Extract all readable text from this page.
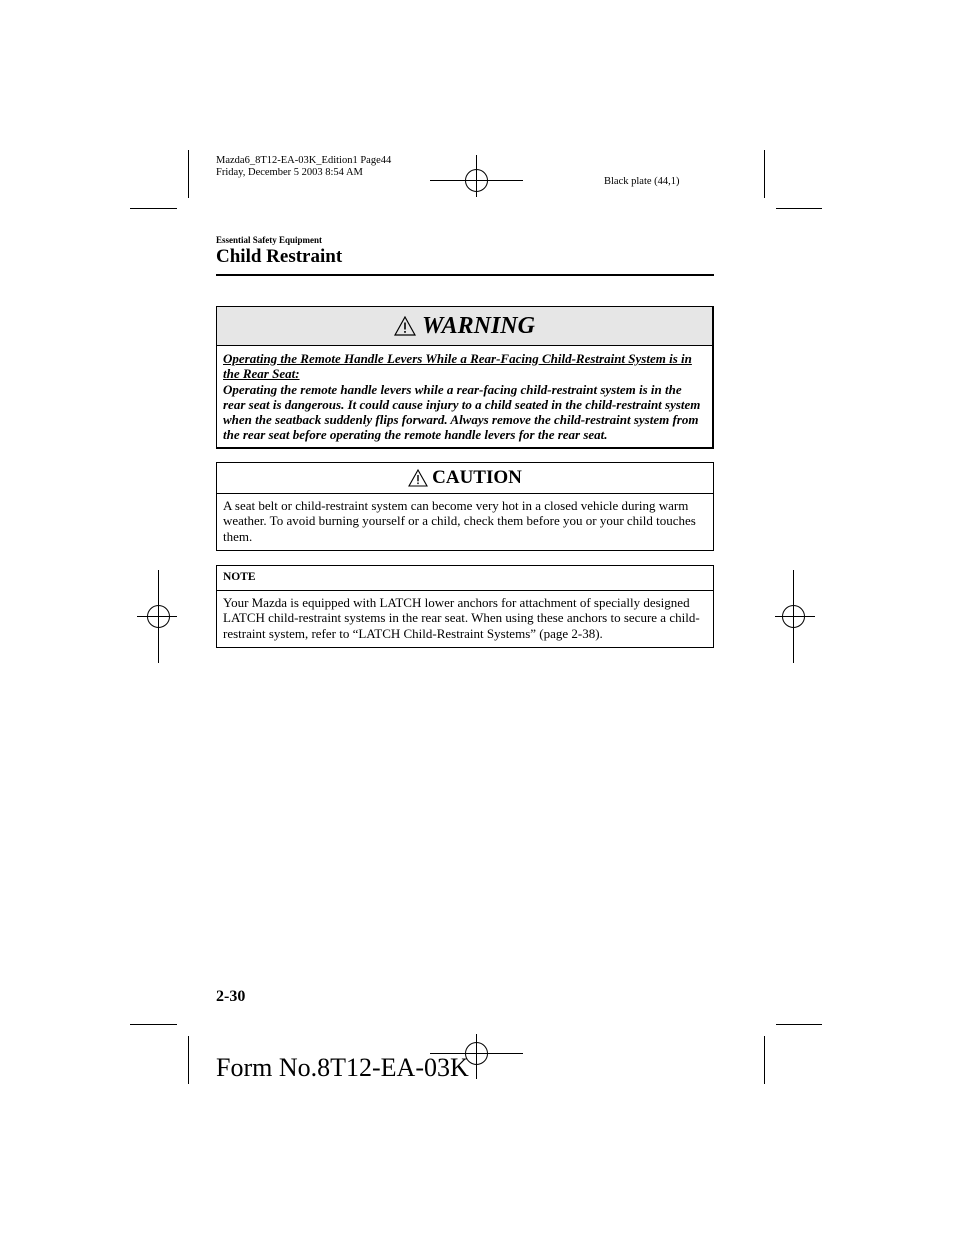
Mazda6_8T12-EA-03K_Edition1 Page44
Friday, December 5 2003 8:54 AM
Black plate (44,1)
Essential Safety Equipment
Child Restraint
WARNING
Operating the Remote Handle Levers While a Rear-Facing Child-Restraint System is in the Rear Seat:
Operating the remote handle levers while a rear-facing child-restraint system is in the rear seat is dangerous. It could cause injury to a child seated in the child-restraint system when the seatback suddenly flips forward. Always remove the child-restraint system from the rear seat before operating the remote handle levers for the rear seat.
CAUTION
A seat belt or child-restraint system can become very hot in a closed vehicle during warm weather. To avoid burning yourself or a child, check them before you or your child touches them.
NOTE
Your Mazda is equipped with LATCH lower anchors for attachment of specially designed LATCH child-restraint systems in the rear seat. When using these anchors to secure a child-restraint system, refer to “LATCH Child-Restraint Systems” (page 2-38).
2-30
Form No.8T12-EA-03K
